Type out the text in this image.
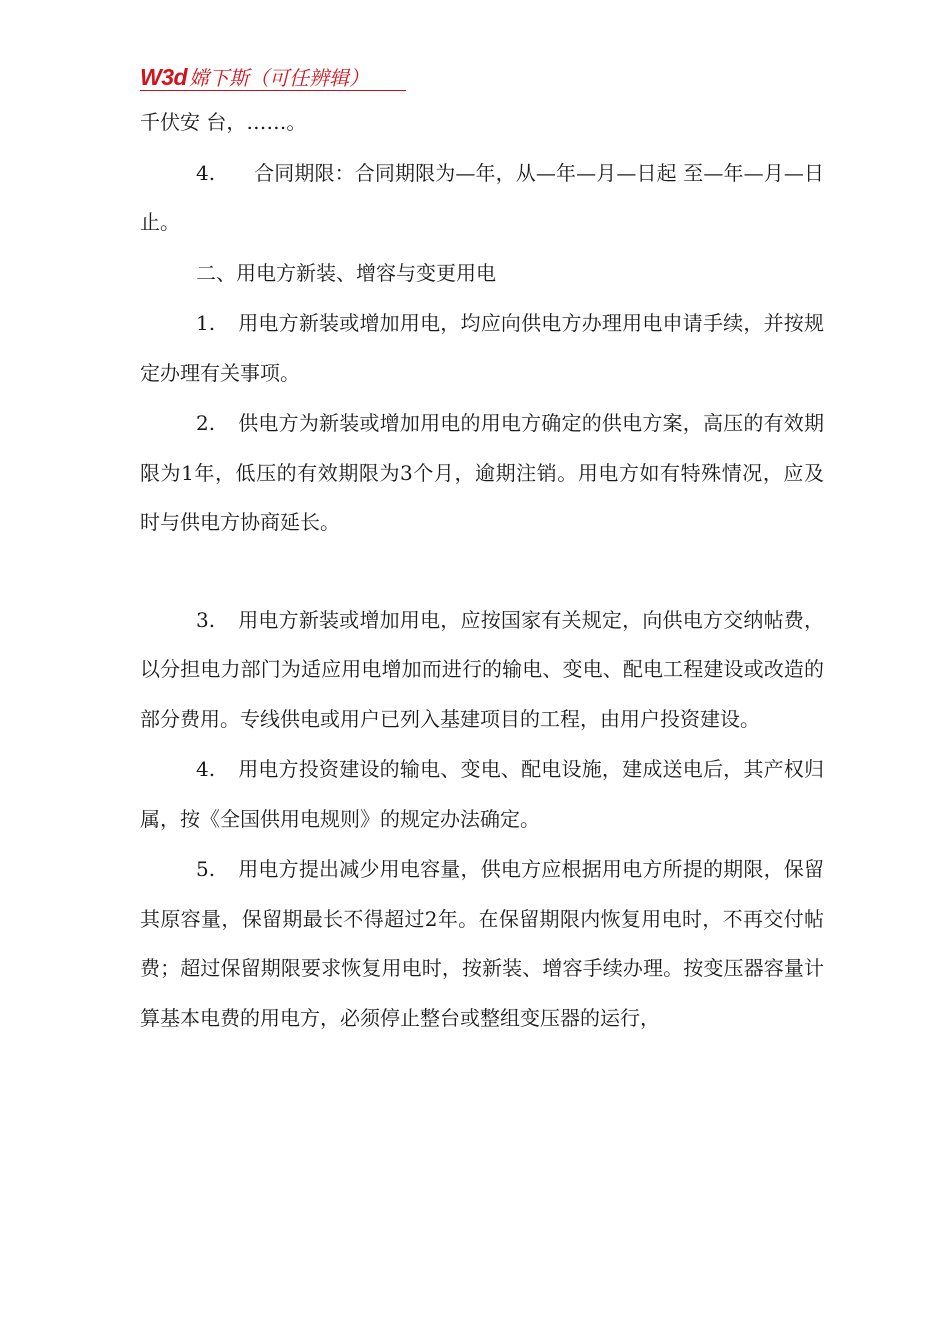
W3d 嫦下斯（可任辨辑）

千伏安 台，……。

4. 合同期限：合同期限为—年，从—年—月—日起 至—年—月—日止。

二、用电方新装、增容与变更用电

1. 用电方新装或增加用电，均应向供电方办理用电申请手续，并按规定办理有关事项。

2. 供电方为新装或增加用电的用电方确定的供电方案，高压的有效期限为1年，低压的有效期限为3个月，逾期注销。用电方如有特殊情况，应及时与供电方协商延长。

3. 用电方新装或增加用电，应按国家有关规定，向供电方交纳帖费，以分担电力部门为适应用电增加而进行的输电、变电、配电工程建设或改造的部分费用。专线供电或用户已列入基建项目的工程，由用户投资建设。

4. 用电方投资建设的输电、变电、配电设施，建成送电后，其产权归属，按《全国供用电规则》的规定办法确定。

5. 用电方提出减少用电容量，供电方应根据用电方所提的期限，保留其原容量，保留期最长不得超过2年。在保留期限内恢复用电时，不再交付帖费；超过保留期限要求恢复用电时，按新装、增容手续办理。按变压器容量计算基本电费的用电方，必须停止整台或整组变压器的运行，
